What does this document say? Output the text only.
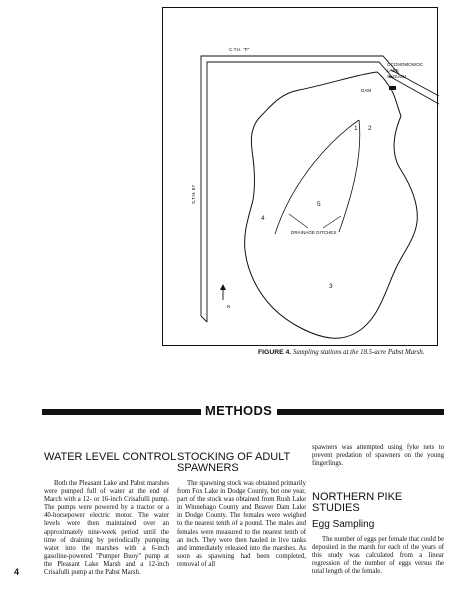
C.T.H. "P"
S.T.H. 67
OCONOMOWOC
LAKE
SLOUGH
DAM
DRAINAGE DITCHES
N
1 2
3
4
5
FIGURE 4. Sampling stations at the 18.5-acre Pabst Marsh.
METHODS
WATER LEVEL CONTROL

Both the Pleasant Lake and Pabst marshes were pumped full of water at the end of March with a 12- or 16-inch Crisafulli pump. The pumps were powered by a tractor or a 40-horsepower electric motor. The water levels were then maintained over an approximately nine-week period until the time of draining by periodically pumping water into the marshes with a 6-inch gasoline-powered "Pumper Buoy" pump at the Pleasant Lake Marsh and a 12-inch Crisafulli pump at the Pabst Marsh.

STOCKING OF ADULT
SPAWNERS

The spawning stock was obtained primarily from Fox Lake in Dodge County, but one year, part of the stock was obtained from Rush Lake in Winnebago County and Beaver Dam Lake in Dodge County. The females were weighed to the nearest tenth of a pound. The males and females were measured to the nearest tenth of an inch. They were then hauled in live tanks and immediately released into the marshes. As soon as spawning had been completed, removal of all

spawners was attempted using fyke nets to prevent predation of spawners on the young fingerlings.

NORTHERN PIKE STUDIES
Egg Sampling

The number of eggs per female that could be deposited in the marsh for each of the years of this study was calculated from a linear regression of the number of eggs versus the total length of the female.

4
